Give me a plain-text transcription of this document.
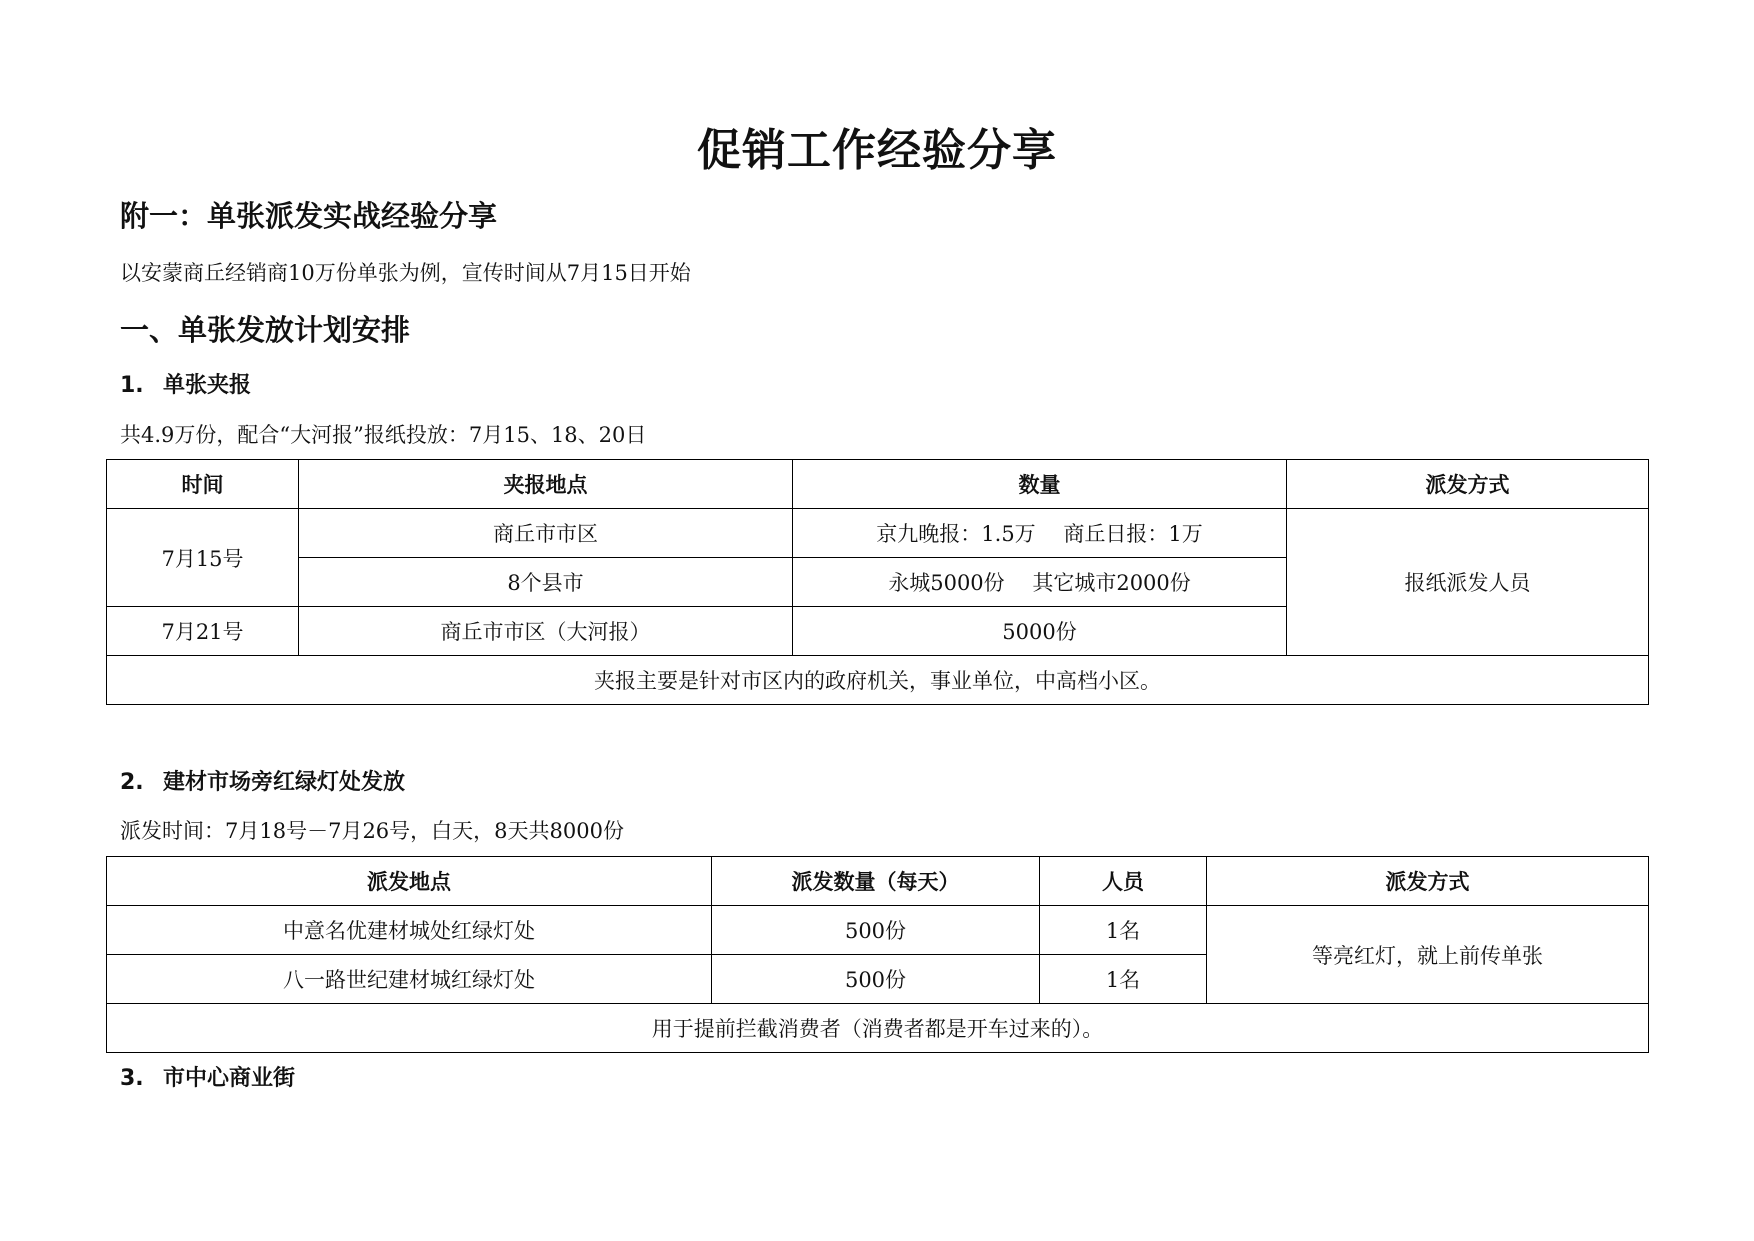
促销工作经验分享
附一：单张派发实战经验分享
以安蒙商丘经销商10万份单张为例，宣传时间从7月15日开始
一、单张发放计划安排
1. 单张夹报
共4.9万份，配合“大河报”报纸投放：7月15、18、20日
时间	夹报地点	数量	派发方式
7月15号	商丘市市区	京九晚报：1.5万　 商丘日报：1万	报纸派发人员
	8个县市	永城5000份　 其它城市2000份	
7月21号	商丘市市区（大河报）	5000份	
夹报主要是针对市区内的政府机关，事业单位，中高档小区。			
2. 建材市场旁红绿灯处发放
派发时间：7月18号－7月26号，白天，8天共8000份
派发地点	派发数量（每天）	人员	派发方式
中意名优建材城处红绿灯处	500份	1名	等亮红灯，就上前传单张
八一路世纪建材城红绿灯处	500份	1名	
用于提前拦截消费者（消费者都是开车过来的）。			
3. 市中心商业街
